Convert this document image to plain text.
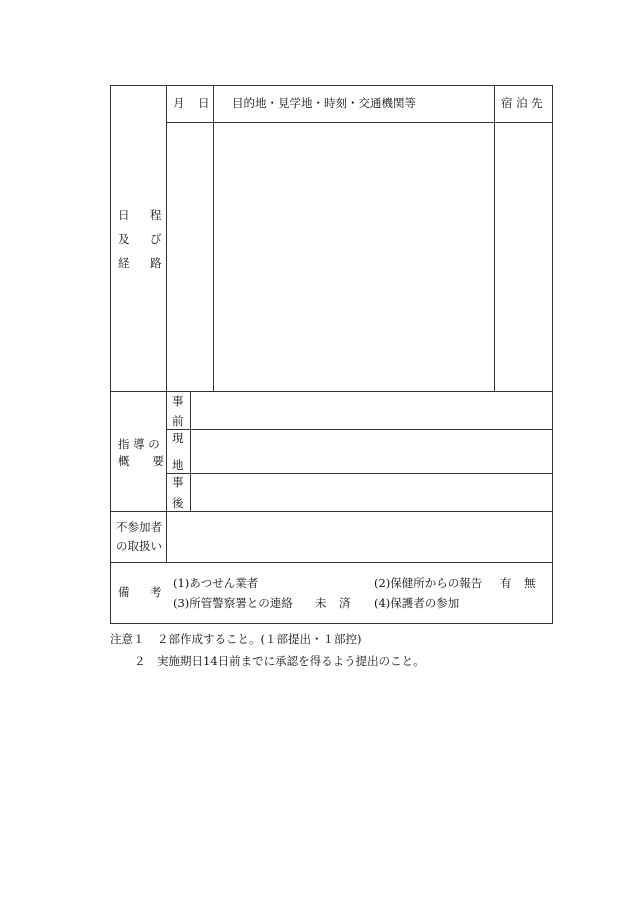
日 程
及 び
経 路
月 日 目的地・見学地・時刻・交通機関等	宿 泊 先
指 導 の
概　　要
事
前
現
地
事
後
不参加者
の取扱い
備 考
(1)あつせん業者	(2)保健所からの報告 有 無
(3)所管警察署との連絡 未 済 (4)保護者の参加
注意１ ２部作成すること。(１部提出・１部控)
２ 実施期日14日前までに承認を得るよう提出のこと。
